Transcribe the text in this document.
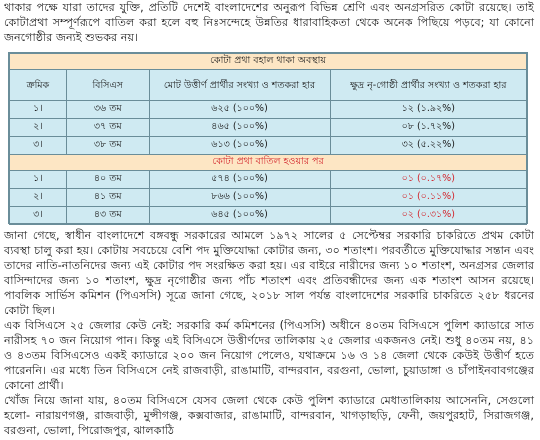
থাকার পক্ষে যারা তাদের যুক্তি, প্রতিটি দেশেই বাংলাদেশের অনুরূপ বিভিন্ন শ্রেণি এবং অনগ্রসরিত কোটা রয়েছে। তাই কোটাপ্রথা সম্পূর্ণরূপে বাতিল করা হলে বহু নিঃসন্দেহে উন্নতির ধারাবাহিকতা থেকে অনেক পিছিয়ে পড়বে; যা কোনো জনগোষ্ঠীর জন্যই শুভকর নয়।

কোটা প্রথা বহাল থাকা অবস্থায়			
ক্রমিক	বিসিএস	মোট উত্তীর্ণ প্রার্থীর সংখ্যা ও শতকরা হার	ক্ষুদ্র নৃ-গোষ্ঠী প্রার্থীর সংখ্যা ও শতকরা হার
১।	৩৬ তম	৬২৫ (১০০%)	১২ (১.৯২%)
২।	৩৭ তম	৪৬৫ (১০০%)	০৮ (১.৭২%)
৩।	৩৮ তম	৬১৩ (১০০%)	৩২ (৫.২২%)
কোটা প্রথা বাতিল হওয়ার পর			
১।	৪০ তম	৫৭৪ (১০০%)	০১ (০.১৭%)
২।	৪১ তম	৮৬৬ (১০০%)	০১ (০.১১%)
৩।	৪৩ তম	৬৪৫ (১০০%)	০২ (০.৩১%)

জানা গেছে, স্বাধীন বাংলাদেশে বঙ্গবন্ধু সরকারের আমলে ১৯৭২ সালের ৫ সেপ্টেম্বর সরকারি চাকরিতে প্রথম কোটা ব্যবস্থা চালু করা হয়। কোটায় সবচেয়ে বেশি পদ মুক্তিযোদ্ধা কোটার জন্য, ৩০ শতাংশ। পরবর্তীতে মুক্তিযোদ্ধার সন্তান এবং তাদের নাতি-নাতনিদের জন্য এই কোটার পদ সংরক্ষিত করা হয়। এর বাইরে নারীদের জন্য ১০ শতাংশ, অনগ্রসর জেলার বাসিন্দাদের জন্য ১০ শতাংশ, ক্ষুদ্র নৃগোষ্ঠীর জন্য পাঁচ শতাংশ এবং প্রতিবন্ধীদের জন্য এক শতাংশ আসন রয়েছে। পাবলিক সার্ভিস কমিশন (পিএসসি) সূত্রে জানা গেছে, ২০১৮ সাল পর্যন্ত বাংলাদেশের সরকারি চাকরিতে ২৫৮ ধরনের কোটা ছিল।

এক বিসিএসে ২৫ জেলার কেউ নেই: সরকারি কর্ম কমিশনের (পিএসসি) অধীনে ৪০তম বিসিএসে পুলিশ ক্যাডারে সাত নারীসহ ৭০ জন নিয়োগ পান। কিন্তু এই বিসিএসে উত্তীর্ণদের তালিকায় ২৫ জেলার একজনও নেই। শুধু ৪০তম নয়, ৪১ ও ৪৩তম বিসিএসেও একই ক্যাডারে ২০০ জন নিয়োগ পেলেও, যথাক্রমে ১৬ ও ১৪ জেলা থেকে কেউই উত্তীর্ণ হতে পারেননি। এর মধ্যে তিন বিসিএসে নেই রাজবাড়ী, রাঙামাটি, বান্দরবান, বরগুনা, ভোলা, চুয়াডাঙ্গা ও চাঁপাইনবাবগঞ্জের কোনো প্রার্থী।

খোঁজ নিয়ে জানা যায়, ৪০তম বিসিএসে যেসব জেলা থেকে কেউ পুলিশ ক্যাডারে মেধাতালিকায় আসেননি, সেগুলো হলো- নারায়ণগঞ্জ, রাজবাড়ী, মুন্সীগঞ্জ, কক্সবাজার, রাঙামাটি, বান্দরবান, খাগড়াছড়ি, ফেনী, জয়পুরহাট, সিরাজগঞ্জ, বরগুনা, ভোলা, পিরোজপুর, ঝালকাঠি
